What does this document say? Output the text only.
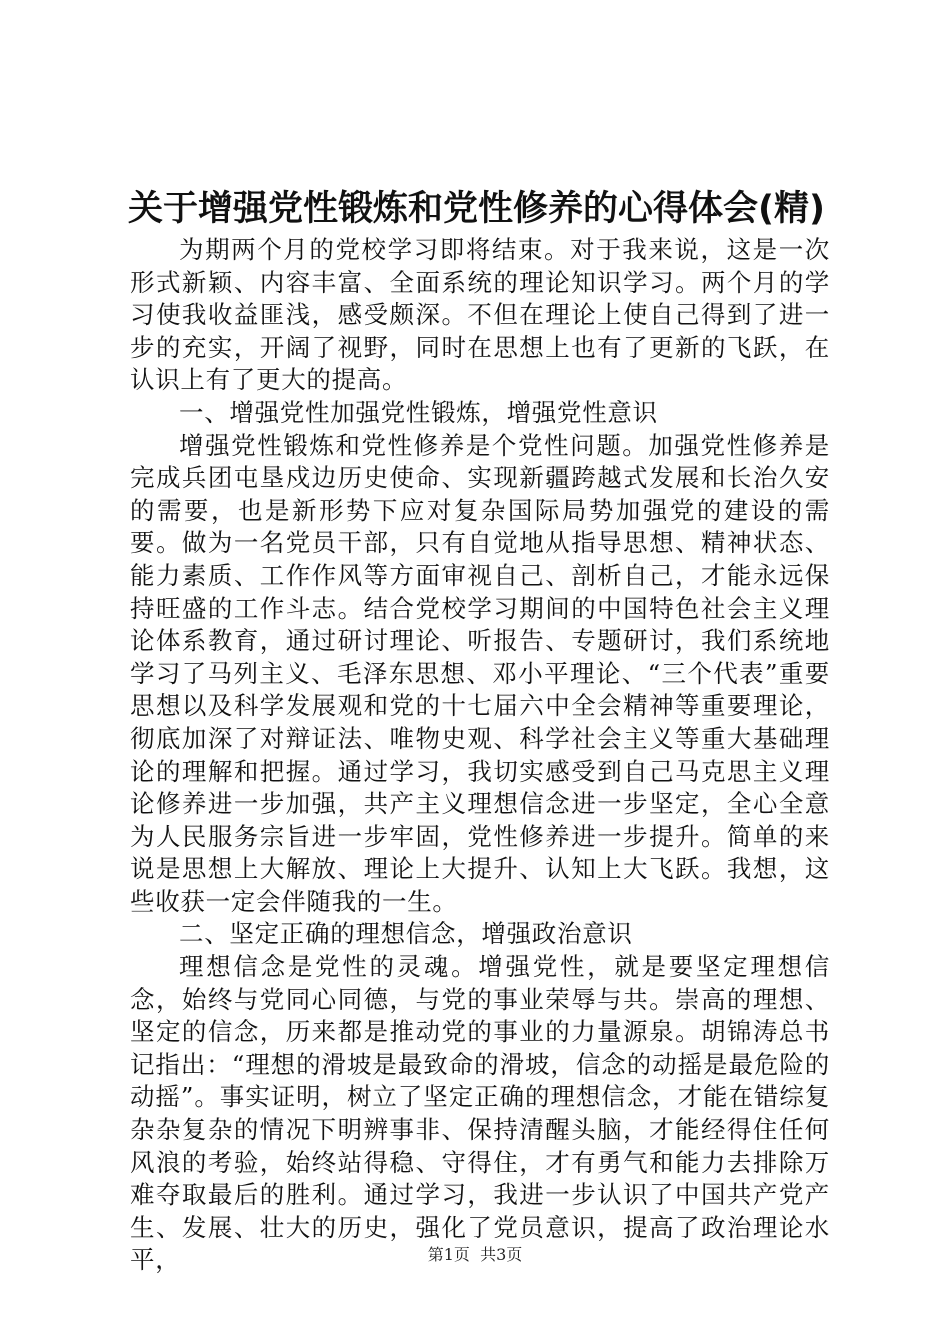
关于增强党性锻炼和党性修养的心得体会(精)

为期两个月的党校学习即将结束。对于我来说，这是一次形式新颖、内容丰富、全面系统的理论知识学习。两个月的学习使我收益匪浅，感受颇深。不但在理论上使自己得到了进一步的充实，开阔了视野，同时在思想上也有了更新的飞跃，在认识上有了更大的提高。

一、增强党性加强党性锻炼，增强党性意识

增强党性锻炼和党性修养是个党性问题。加强党性修养是完成兵团屯垦戍边历史使命、实现新疆跨越式发展和长治久安的需要，也是新形势下应对复杂国际局势加强党的建设的需要。做为一名党员干部，只有自觉地从指导思想、精神状态、能力素质、工作作风等方面审视自己、剖析自己，才能永远保持旺盛的工作斗志。结合党校学习期间的中国特色社会主义理论体系教育，通过研讨理论、听报告、专题研讨，我们系统地学习了马列主义、毛泽东思想、邓小平理论、“三个代表”重要思想以及科学发展观和党的十七届六中全会精神等重要理论，彻底加深了对辩证法、唯物史观、科学社会主义等重大基础理论的理解和把握。通过学习，我切实感受到自己马克思主义理论修养进一步加强，共产主义理想信念进一步坚定，全心全意为人民服务宗旨进一步牢固，党性修养进一步提升。简单的来说是思想上大解放、理论上大提升、认知上大飞跃。我想，这些收获一定会伴随我的一生。

二、坚定正确的理想信念，增强政治意识

理想信念是党性的灵魂。增强党性，就是要坚定理想信念，始终与党同心同德，与党的事业荣辱与共。崇高的理想、坚定的信念，历来都是推动党的事业的力量源泉。胡锦涛总书记指出：“理想的滑坡是最致命的滑坡，信念的动摇是最危险的动摇”。事实证明，树立了坚定正确的理想信念，才能在错综复杂杂复杂的情况下明辨事非、保持清醒头脑，才能经得住任何风浪的考验，始终站得稳、守得住，才有勇气和能力去排除万难夺取最后的胜利。通过学习，我进一步认识了中国共产党产生、发展、壮大的历史，强化了党员意识，提高了政治理论水平，	第1页  共3页
